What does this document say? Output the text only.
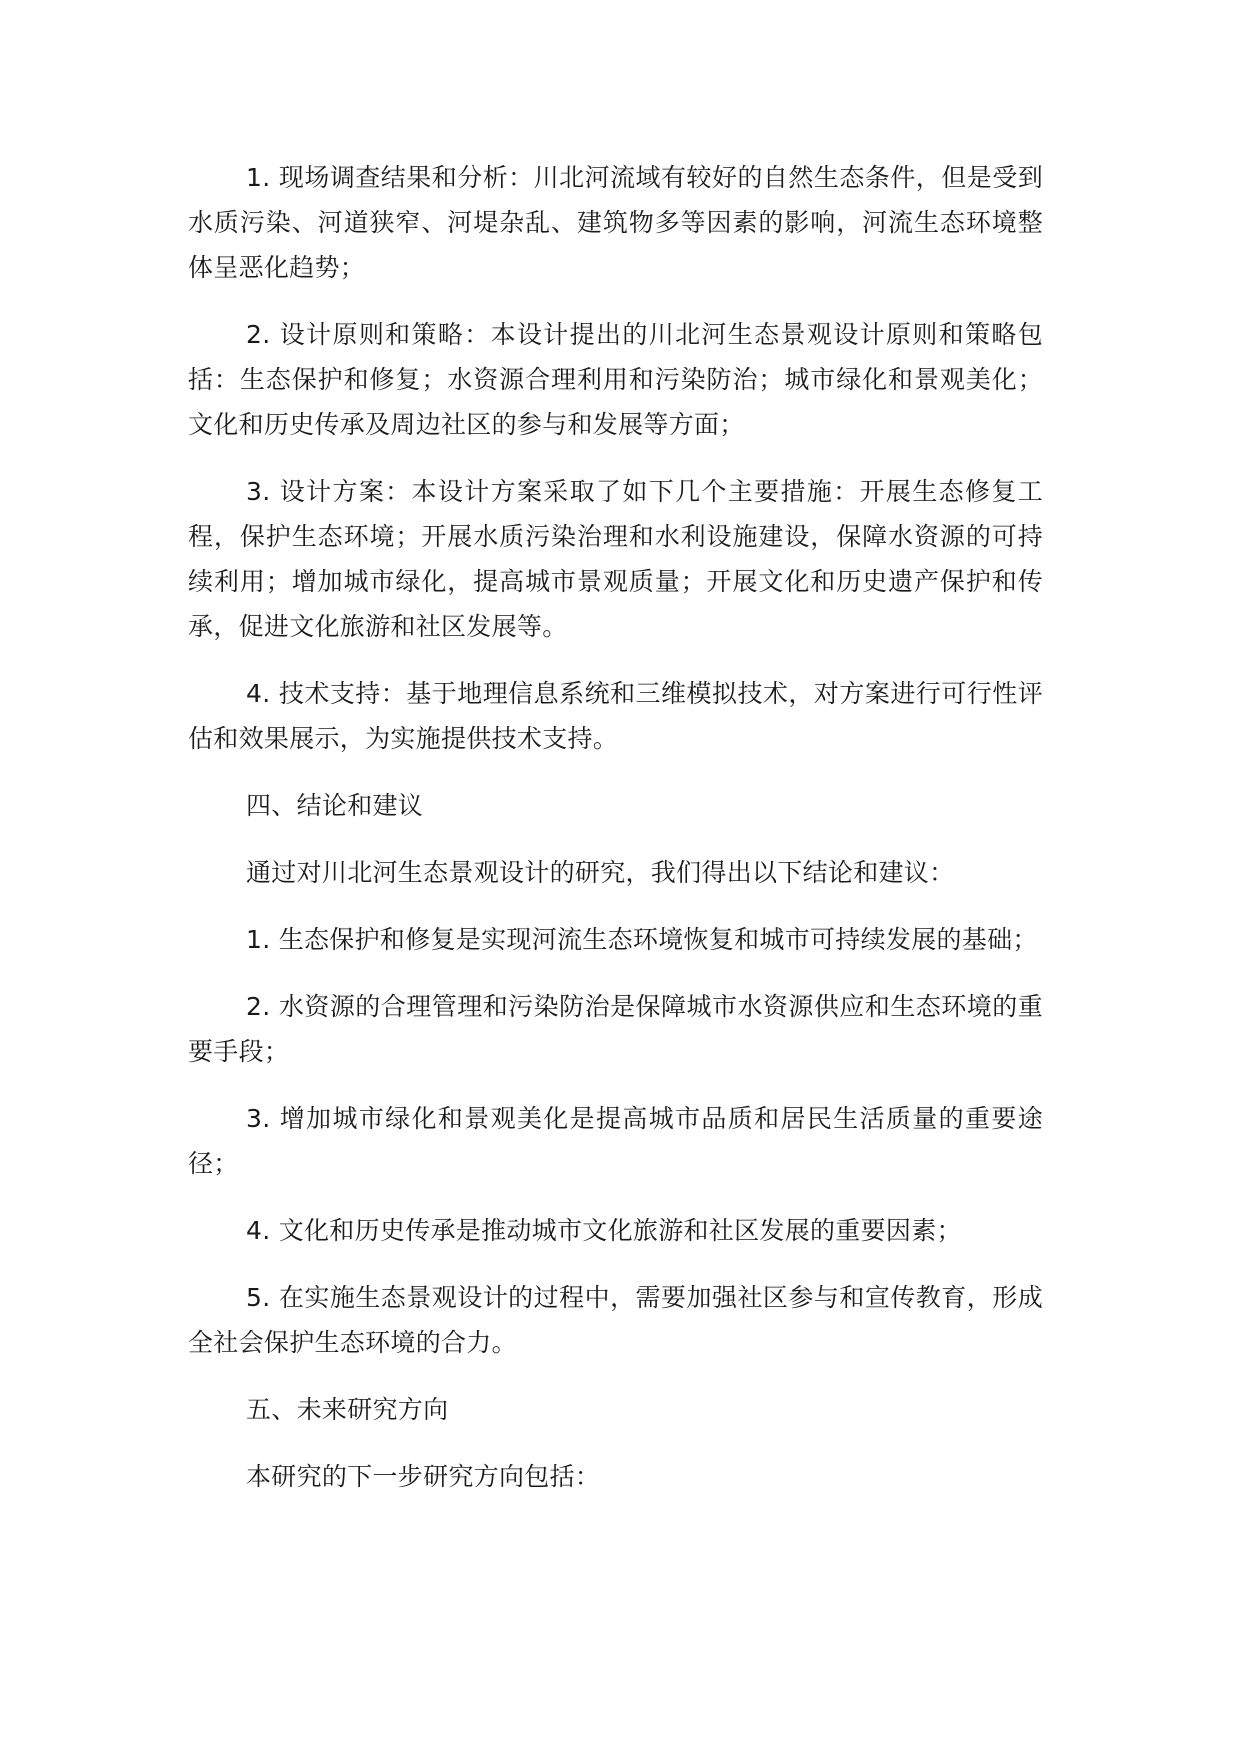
1. 现场调查结果和分析：川北河流域有较好的自然生态条件，但是受到水质污染、河道狭窄、河堤杂乱、建筑物多等因素的影响，河流生态环境整体呈恶化趋势；

2. 设计原则和策略：本设计提出的川北河生态景观设计原则和策略包括：生态保护和修复；水资源合理利用和污染防治；城市绿化和景观美化；文化和历史传承及周边社区的参与和发展等方面；

3. 设计方案：本设计方案采取了如下几个主要措施：开展生态修复工程，保护生态环境；开展水质污染治理和水利设施建设，保障水资源的可持续利用；增加城市绿化，提高城市景观质量；开展文化和历史遗产保护和传承，促进文化旅游和社区发展等。

4. 技术支持：基于地理信息系统和三维模拟技术，对方案进行可行性评估和效果展示，为实施提供技术支持。

四、结论和建议

通过对川北河生态景观设计的研究，我们得出以下结论和建议：

1. 生态保护和修复是实现河流生态环境恢复和城市可持续发展的基础；

2. 水资源的合理管理和污染防治是保障城市水资源供应和生态环境的重要手段；

3. 增加城市绿化和景观美化是提高城市品质和居民生活质量的重要途径；

4. 文化和历史传承是推动城市文化旅游和社区发展的重要因素；

5. 在实施生态景观设计的过程中，需要加强社区参与和宣传教育，形成全社会保护生态环境的合力。

五、未来研究方向

本研究的下一步研究方向包括：
